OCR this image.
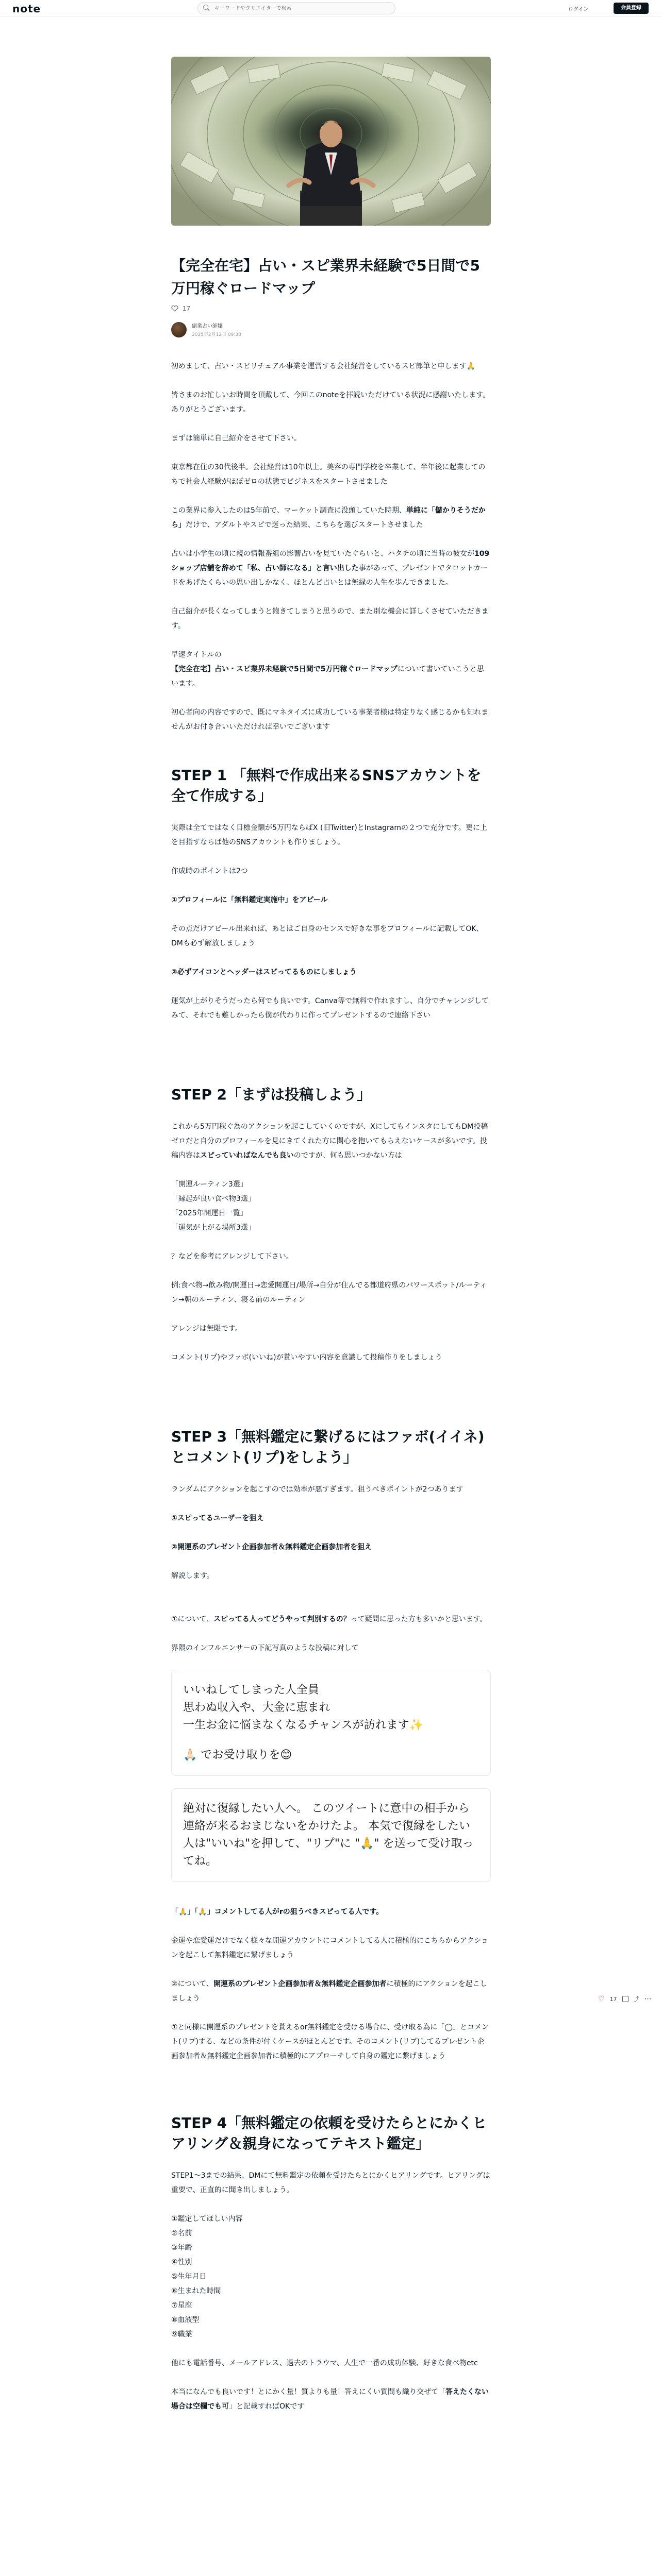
note
キーワードやクリエイターで検索	ログイン	会員登録
【完全在宅】占い・スピ業界未経験で5日間で5万円稼ぐロードマップ
17
副業占い師嬢
2025年2月12日 09:30

初めまして、占い・スピリチュアル事業を運営する会社経営をしているスピ郎筆と申します🙏

皆さまのお忙しいお時間を頂戴して、今回このnoteを拝読いただけている状況に感謝いたします。ありがとうございます。

まずは簡単に自己紹介をさせて下さい。

東京都在住の30代後半。会社経営は10年以上。美容の専門学校を卒業して、半年後に起業してのちで社会人経験がほぼゼロの状態でビジネスをスタートさせました

この業界に参入したのは5年前で、マーケット調査に没頭していた時期、単純に「儲かりそうだから」だけで、アダルトやスピで迷った結果、こちらを選びスタートさせました

占いは小学生の頃に親の情報番組の影響占いを見ていたぐらいと、ハタチの頃に当時の彼女が109ショップ店舗を辞めて「私、占い師になる」と言い出した事があって、プレゼントでタロットカードをあげたくらいの思い出しかなく、ほとんど占いとは無縁の人生を歩んできました。

自己紹介が長くなってしまうと飽きてしまうと思うので、また別な機会に詳しくさせていただきます。

早速タイトルの
【完全在宅】占い・スピ業界未経験で5日間で5万円稼ぐロードマップについて書いていこうと思います。

初心者向の内容ですので、既にマネタイズに成功している事業者様は特定りなく感じるかも知れませんがお付き合いいただければ幸いでございます

STEP 1 「無料で作成出来るSNSアカウントを全て作成する」

実際は全てではなく目標金額が5万円ならばX (旧Twitter)とInstagramの２つで充分です。更に上を目指すならば他のSNSアカウントも作りましょう。

作成時のポイントは2つ

①プロフィールに「無料鑑定実施中」をアピール

その点だけアピール出来れば、あとはご自身のセンスで好きな事をプロフィールに記載してOK、DMも必ず解放しましょう

②必ずアイコンとヘッダーはスピってるものにしましょう

運気が上がりそうだったら何でも良いです。Canva等で無料で作れますし、自分でチャレンジしてみて、それでも難しかったら僕が代わりに作ってプレゼントするので連絡下さい

STEP 2「まずは投稿しよう」

これから5万円稼ぐ為のアクションを起こしていくのですが、XにしてもインスタにしてもDM投稿ゼロだと自分のプロフィールを見にきてくれた方に関心を抱いてもらえないケースが多いです。投稿内容はスピっていればなんでも良いのですが、何も思いつかない方は

「開運ルーティン3選」

「縁起が良い食べ物3選」

「2025年開運日一覧」

「運気が上がる場所3選」

？などを参考にアレンジして下さい。

例:食べ物→飲み物/開運日→恋愛開運日/場所→自分が住んでる都道府県のパワースポット/ルーティン→朝のルーティン、寝る前のルーティン

アレンジは無限です。

コメント(リプ)やファボ(いいね)が貰いやすい内容を意識して投稿作りをしましょう

STEP 3「無料鑑定に繋げるにはファボ(イイネ)とコメント(リプ)をしよう」

ランダムにアクションを起こすのでは効率が悪すぎます。狙うべきポイントが2つあります

①スピってるユーザーを狙え

②開運系のプレゼント企画参加者＆無料鑑定企画参加者を狙え

解説します。

①について、スピってる人ってどうやって判別するの？って疑問に思った方も多いかと思います。

界隈のインフルエンサーの下記写真のような投稿に対して

いいねしてしまった人全員

思わぬ収入や、大金に恵まれ

一生お金に悩まなくなるチャンスが訪れます✨

🙏🏻 でお受け取りを😊

絶対に復縁したい人へ。 このツイートに意中の相手から連絡が来るおまじないをかけたよ。 本気で復縁をしたい人は"いいね"を押して、"リプ"に "🙏" を送って受け取ってね。

「🙏」「🙏」コメントしてる人がrの狙うべきスピってる人です。

金運や恋愛運だけでなく様々な開運アカウントにコメントしてる人に積極的にこちらからアクションを起こして無料鑑定に繋げましょう

②について、開運系のプレゼント企画参加者＆無料鑑定企画参加者に積極的にアクションを起こしましょう

①と同様に開運系のプレゼントを貰えるor無料鑑定を受ける場合に、受け取る為に「◯」とコメント(リプ)する、などの条件が付くケースがほとんどです。そのコメント(リプ)してるプレゼント企画参加者＆無料鑑定企画参加者に積極的にアプローチして自身の鑑定に繋げましょう

STEP 4「無料鑑定の依頼を受けたらとにかくヒアリング＆親身になってテキスト鑑定」

STEP1〜3までの結果、DMにて無料鑑定の依頼を受けたらとにかくヒアリングです。ヒアリングは重要で、正直的に聞き出しましょう。

①鑑定してほしい内容

②名前

③年齢

④性別

⑤生年月日

⑥生まれた時間

⑦星座

⑧血液型

⑨職業

他にも電話番号、メールアドレス、過去のトラウマ、人生で一番の成功体験、好きな食べ物etc

本当になんでも良いです！とにかく量！質よりも量！答えにくい質問も織り交ぜて「答えたくない場合は空欄でも可」と記載すればOKです

♡ 17	⤴ ⋯
